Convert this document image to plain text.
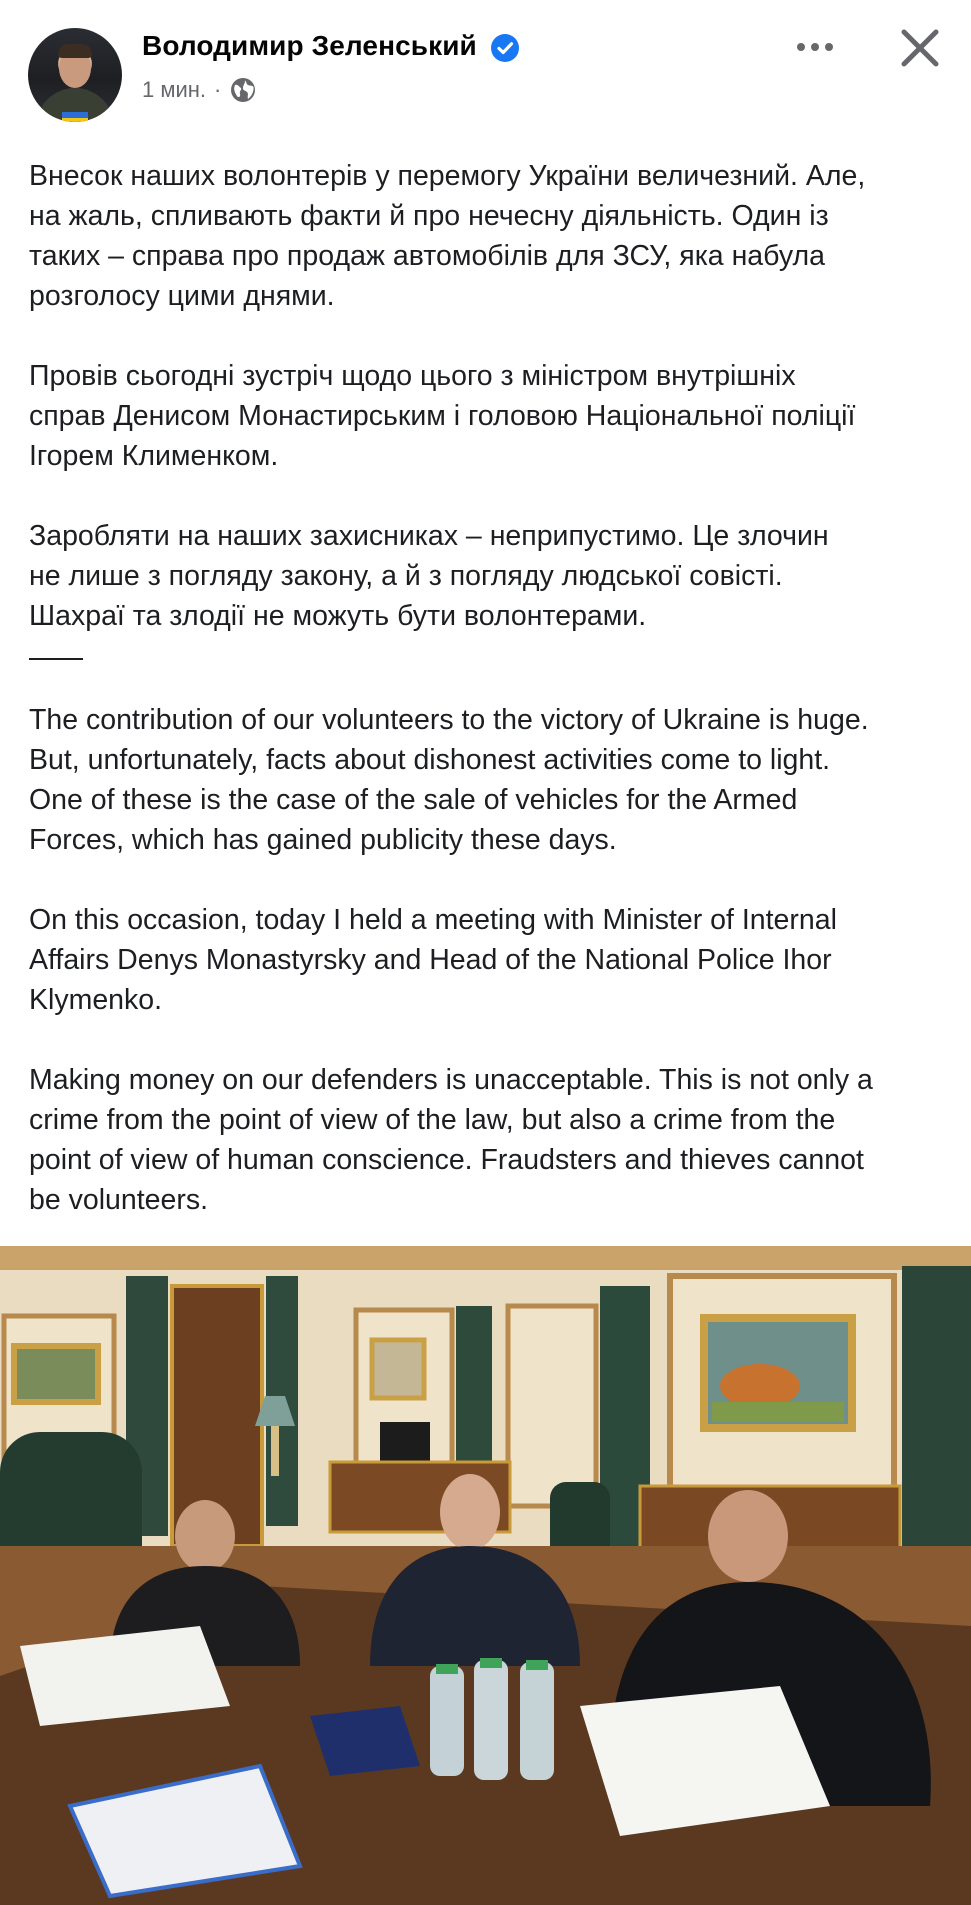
Володимир Зеленський
1 мин. ·

Внесок наших волонтерів у перемогу України величезний. Але,
на жаль, спливають факти й про нечесну діяльність. Один із
таких – справа про продаж автомобілів для ЗСУ, яка набула
розголосу цими днями.

Провів сьогодні зустріч щодо цього з міністром внутрішніх
справ Денисом Монастирським і головою Національної поліції
Ігорем Клименком.

Заробляти на наших захисниках – неприпустимо. Це злочин
не лише з погляду закону, а й з погляду людської совісті.
Шахраї та злодії не можуть бути волонтерами.

The contribution of our volunteers to the victory of Ukraine is huge.
But, unfortunately, facts about dishonest activities come to light.
One of these is the case of the sale of vehicles for the Armed
Forces, which has gained publicity these days.

On this occasion, today I held a meeting with Minister of Internal
Affairs Denys Monastyrsky and Head of the National Police Ihor
Klymenko.

Making money on our defenders is unacceptable. This is not only a
crime from the point of view of the law, but also a crime from the
point of view of human conscience. Fraudsters and thieves cannot
be volunteers.
